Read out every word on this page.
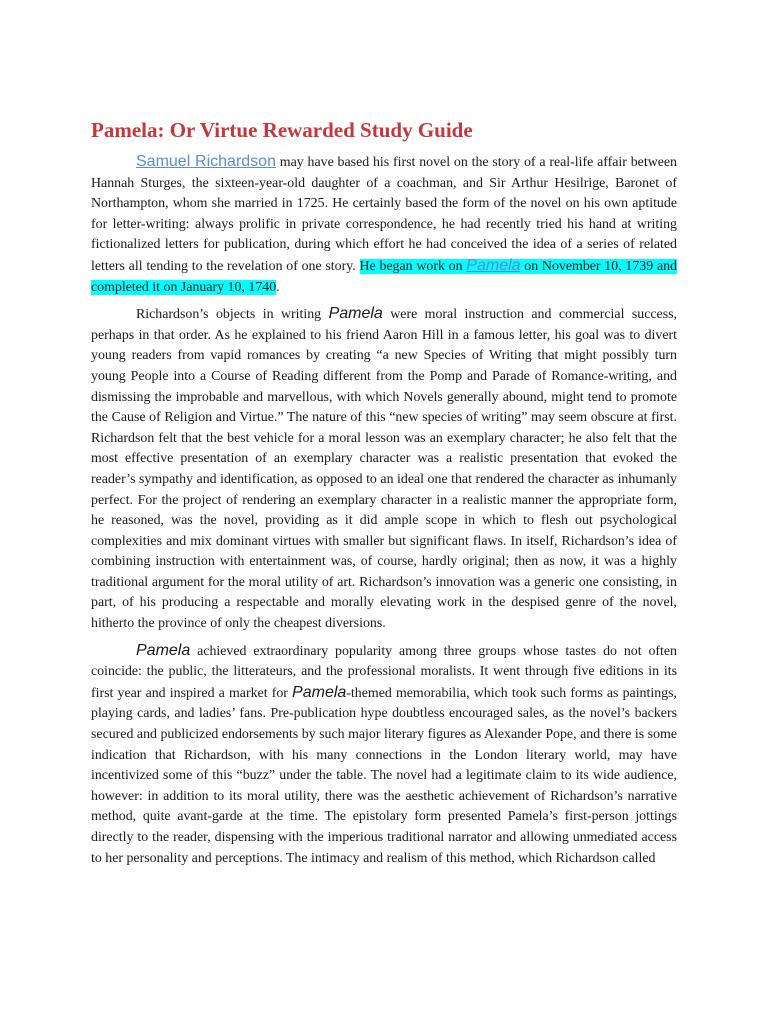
Pamela: Or Virtue Rewarded Study Guide

Samuel Richardson may have based his first novel on the story of a real-life affair between Hannah Sturges, the sixteen-year-old daughter of a coachman, and Sir Arthur Hesilrige, Baronet of Northampton, whom she married in 1725. He certainly based the form of the novel on his own aptitude for letter-writing: always prolific in private correspondence, he had recently tried his hand at writing fictionalized letters for publication, during which effort he had conceived the idea of a series of related letters all tending to the revelation of one story. He began work on Pamela on November 10, 1739 and completed it on January 10, 1740.

Richardson’s objects in writing Pamela were moral instruction and commercial success, perhaps in that order. As he explained to his friend Aaron Hill in a famous letter, his goal was to divert young readers from vapid romances by creating “a new Species of Writing that might possibly turn young People into a Course of Reading different from the Pomp and Parade of Romance-writing, and dismissing the improbable and marvellous, with which Novels generally abound, might tend to promote the Cause of Religion and Virtue.” The nature of this “new species of writing” may seem obscure at first. Richardson felt that the best vehicle for a moral lesson was an exemplary character; he also felt that the most effective presentation of an exemplary character was a realistic presentation that evoked the reader’s sympathy and identification, as opposed to an ideal one that rendered the character as inhumanly perfect. For the project of rendering an exemplary character in a realistic manner the appropriate form, he reasoned, was the novel, providing as it did ample scope in which to flesh out psychological complexities and mix dominant virtues with smaller but significant flaws. In itself, Richardson’s idea of combining instruction with entertainment was, of course, hardly original; then as now, it was a highly traditional argument for the moral utility of art. Richardson’s innovation was a generic one consisting, in part, of his producing a respectable and morally elevating work in the despised genre of the novel, hitherto the province of only the cheapest diversions.

Pamela achieved extraordinary popularity among three groups whose tastes do not often coincide: the public, the litterateurs, and the professional moralists. It went through five editions in its first year and inspired a market for Pamela-themed memorabilia, which took such forms as paintings, playing cards, and ladies’ fans. Pre-publication hype doubtless encouraged sales, as the novel’s backers secured and publicized endorsements by such major literary figures as Alexander Pope, and there is some indication that Richardson, with his many connections in the London literary world, may have incentivized some of this “buzz” under the table. The novel had a legitimate claim to its wide audience, however: in addition to its moral utility, there was the aesthetic achievement of Richardson’s narrative method, quite avant-garde at the time. The epistolary form presented Pamela’s first-person jottings directly to the reader, dispensing with the imperious traditional narrator and allowing unmediated access to her personality and perceptions. The intimacy and realism of this method, which Richardson called
